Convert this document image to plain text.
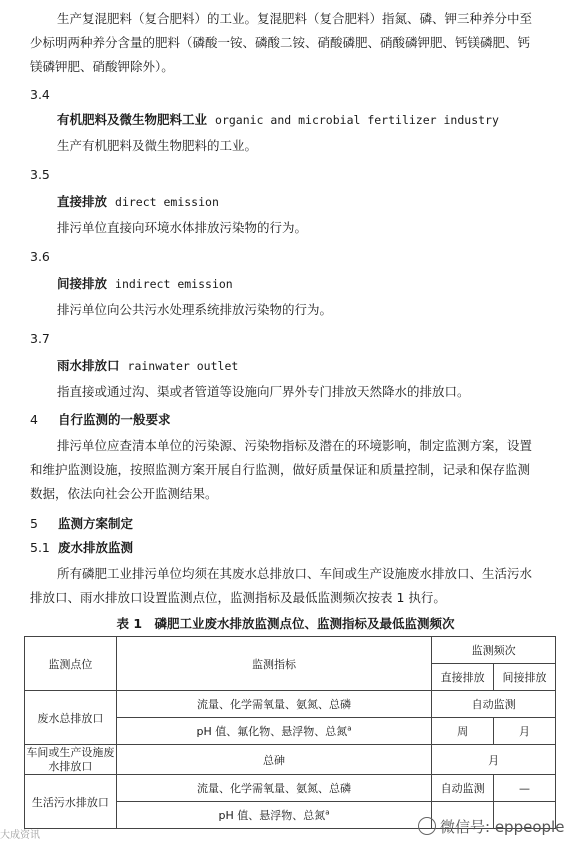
生产复混肥料（复合肥料）的工业。复混肥料（复合肥料）指氮、磷、钾三种养分中至
少标明两种养分含量的肥料（磷酸一铵、磷酸二铵、硝酸磷肥、硝酸磷钾肥、钙镁磷肥、钙
镁磷钾肥、硝酸钾除外）。
3.4
有机肥料及微生物肥料工业 organic and microbial fertilizer industry
生产有机肥料及微生物肥料的工业。
3.5
直接排放 direct emission
排污单位直接向环境水体排放污染物的行为。
3.6
间接排放 indirect emission
排污单位向公共污水处理系统排放污染物的行为。
3.7
雨水排放口 rainwater outlet
指直接或通过沟、渠或者管道等设施向厂界外专门排放天然降水的排放口。
4 自行监测的一般要求
排污单位应查清本单位的污染源、污染物指标及潜在的环境影响，制定监测方案，设置
和维护监测设施，按照监测方案开展自行监测，做好质量保证和质量控制，记录和保存监测
数据，依法向社会公开监测结果。
5 监测方案制定
5.1 废水排放监测
所有磷肥工业排污单位均须在其废水总排放口、车间或生产设施废水排放口、生活污水
排放口、雨水排放口设置监测点位，监测指标及最低监测频次按表 1 执行。
表 1　磷肥工业废水排放监测点位、监测指标及最低监测频次
监测点位	监测指标	监测频次	
		直接排放	间接排放
废水总排放口	流量、化学需氧量、氨氮、总磷	自动监测	
	pH 值、氟化物、悬浮物、总氮$^a$	周	月
车间或生产设施废水排放口	总砷	月	
生活污水排放口	流量、化学需氧量、氨氮、总磷	自动监测	—
	pH 值、悬浮物、总氮$^a$		
大成资讯	微信号: eppeople
